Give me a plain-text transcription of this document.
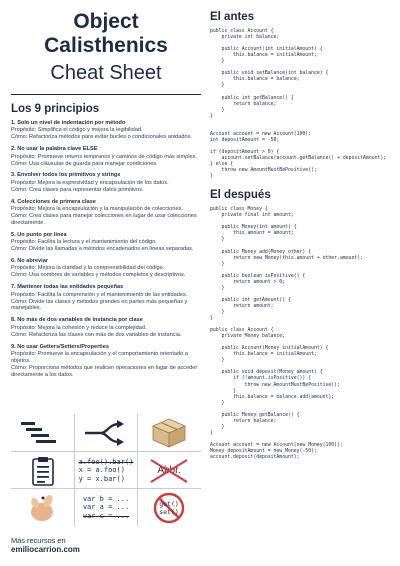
Object Calisthenics
Cheat Sheet
Los 9 principios
1. Solo un nivel de indentación por método
Propósito: Simplifica el código y mejora la legibilidad.
Cómo: Refactoriza métodos para evitar bucles o condicionales anidados.
2. No usar la palabra clave ELSE
Propósito: Promueve returns tempranos y caminos de código más simples.
Cómo: Usa cláusulas de guarda para manejar condiciones.
3. Envolver todos los primitivos y strings
Propósito: Mejora la expresividad y encapsulación de los datos.
Cómo: Crea clases para representar datos primitivos.
4. Colecciones de primera clase
Propósito: Mejora la encapsulación y la manipulación de colecciones.
Cómo: Crea clases para manejar colecciones en lugar de usar colecciones directamente.
5. Un punto por línea
Propósito: Facilita la lectura y el mantenimiento del código.
Cómo: Divide las llamadas a métodos encadenados en líneas separadas.
6. No abreviar
Propósito: Mejora la claridad y la comprensibilidad del código.
Cómo: Usa nombres de variables y métodos completos y descriptivos.
7. Mantener todas las entidades pequeñas
Propósito: Facilita la comprensión y el mantenimiento de las entidades.
Cómo: Divide las clases y métodos grandes en partes más pequeñas y manejables.
8. No más de dos variables de instancia por clase
Propósito: Mejora la cohesión y reduce la complejidad.
Cómo: Refactoriza las clases con más de dos variables de instancia.
9. No usar Getters/Setters/Properties
Propósito: Promueve la encapsulación y el comportamiento orientado a objetos.
Cómo: Proporciona métodos que realicen operaciones en lugar de acceder directamente a los datos.
a.foo().bar()
x = a.foo()
y = x.bar()
Abbr.
var b = ...
var a = ...
var c = ...
get()
set()
Más recursos en
emiliocarrion.com
El antes
public class Account {
private int balance;

public Account(int initialAmount) {
this.balance = initialAmount;
}

public void setBalance(int balance) {
this.balance = balance;
}

public int getBalance() {
return balance;
}
}

Account account = new Account(100);
int depositAmount = -50;

if (depositAmount > 0) {
account.setBalance(account.getBalance() + depositAmount);
} else {
throw new AmountMustBePositive();
}
El después
public class Money {
private final int amount;

public Money(int amount) {
this.amount = amount;
}

public Money add(Money other) {
return new Money(this.amount + other.amount);
}

public boolean isPositive() {
return amount > 0;
}

public int getAmount() {
return amount;
}
}

public class Account {
private Money balance;

public Account(Money initialAmount) {
this.balance = initialAmount;
}

public void deposit(Money amount) {
if (!amount.isPositive()) {
throw new AmountMustBePositive();
}
this.balance = balance.add(amount);
}

public Money getBalance() {
return balance;
}
}

Account account = new Account(new Money(100));
Money depositAmount = new Money(-50);
account.deposit(depositAmount);
